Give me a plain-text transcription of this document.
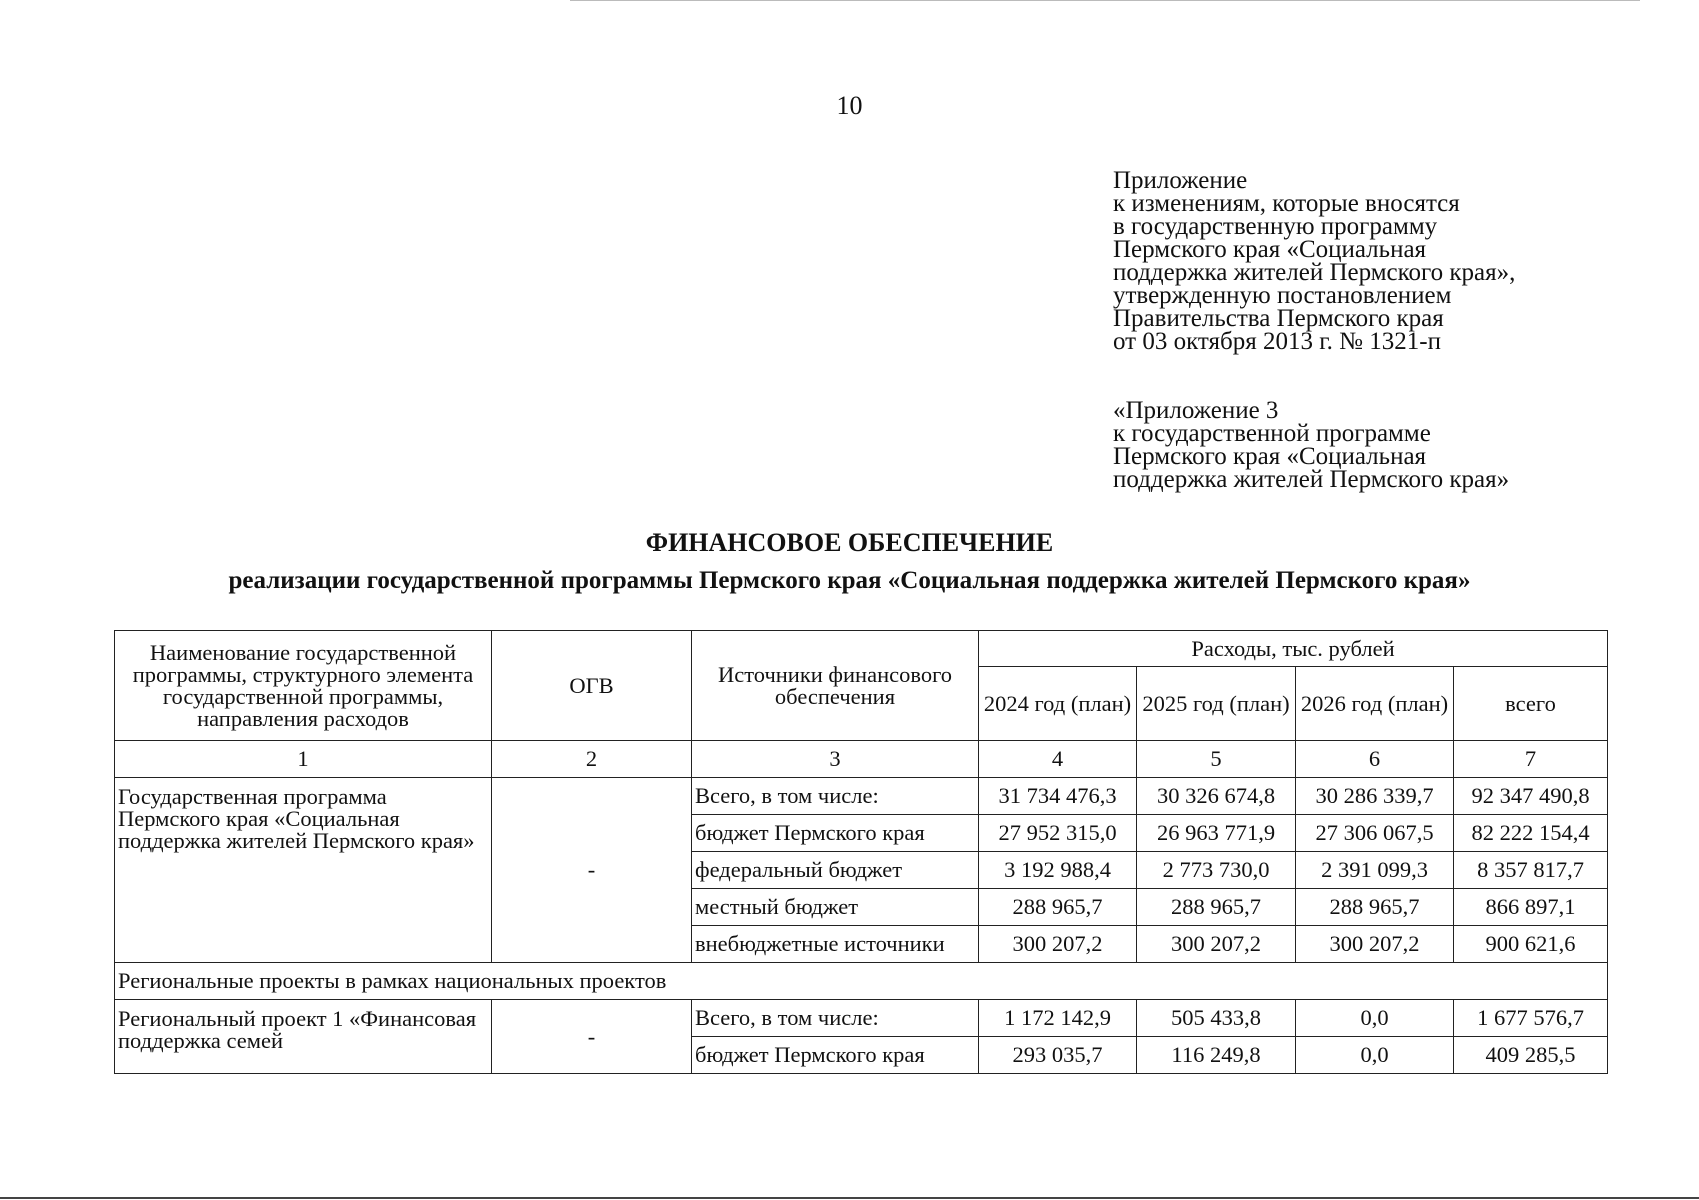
10
Приложение
к изменениям, которые вносятся
в государственную программу
Пермского края «Социальная
поддержка жителей Пермского края»,
утвержденную постановлением
Правительства Пермского края
от 03 октября 2013 г. № 1321-п
«Приложение 3
к государственной программе
Пермского края «Социальная
поддержка жителей Пермского края»
ФИНАНСОВОЕ ОБЕСПЕЧЕНИЕ
реализации государственной программы Пермского края «Социальная поддержка жителей Пермского края»
Наименование государственной программы, структурного элемента государственной программы, направления расходов	ОГВ	Источники финансового обеспечения	Расходы, тыс. рублей			
			2024 год (план)	2025 год (план)	2026 год (план)	всего
1	2	3	4	5	6	7
Государственная программа Пермского края «Социальная поддержка жителей Пермского края»	-	Всего, в том числе:	31 734 476,3	30 326 674,8	30 286 339,7	92 347 490,8
		бюджет Пермского края	27 952 315,0	26 963 771,9	27 306 067,5	82 222 154,4
		федеральный бюджет	3 192 988,4	2 773 730,0	2 391 099,3	8 357 817,7
		местный бюджет	288 965,7	288 965,7	288 965,7	866 897,1
		внебюджетные источники	300 207,2	300 207,2	300 207,2	900 621,6
Региональные проекты в рамках национальных проектов						
Региональный проект 1 «Финансовая поддержка семей	-	Всего, в том числе:	1 172 142,9	505 433,8	0,0	1 677 576,7
		бюджет Пермского края	293 035,7	116 249,8	0,0	409 285,5
